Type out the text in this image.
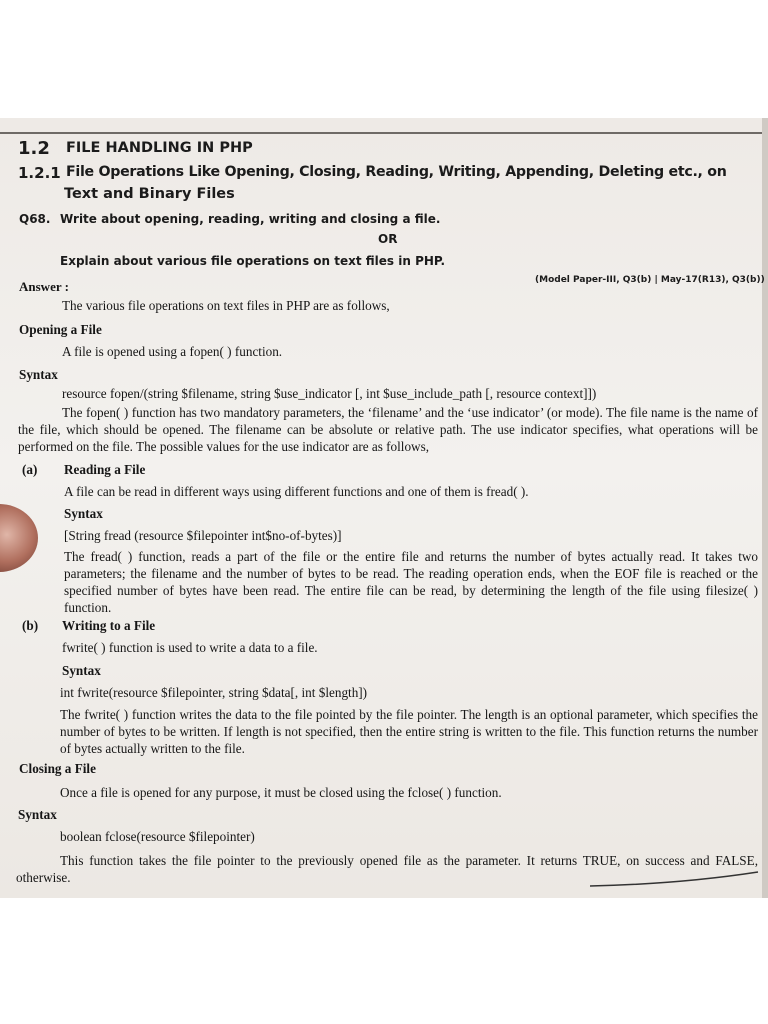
1.2 FILE HANDLING IN PHP

1.2.1 File Operations Like Opening, Closing, Reading, Writing, Appending, Deleting etc., on

Text and Binary Files

Q68. Write about opening, reading, writing and closing a file.

OR

Explain about various file operations on text files in PHP.

Answer :	(Model Paper-III, Q3(b) | May-17(R13), Q3(b))

The various file operations on text files in PHP are as follows,

Opening a File

A file is opened using a fopen( ) function.

Syntax

resource fopen/(string $filename, string $use_indicator [, int $use_include_path [, resource context]])

The fopen( ) function has two mandatory parameters, the ‘filename’ and the ‘use indicator’ (or mode). The file name is the name of the file, which should be opened. The filename can be absolute or relative path. The use indicator specifies, what operations will be performed on the file. The possible values for the use indicator are as follows,

(a) Reading a File

A file can be read in different ways using different functions and one of them is fread( ).

Syntax

[String fread (resource $filepointer int$no-of-bytes)]

The fread( ) function, reads a part of the file or the entire file and returns the number of bytes actually read. It takes two parameters; the filename and the number of bytes to be read. The reading operation ends, when the EOF file is reached or the specified number of bytes have been read. The entire file can be read, by determining the length of the file using filesize( ) function.

(b) Writing to a File

fwrite( ) function is used to write a data to a file.

Syntax

int fwrite(resource $filepointer, string $data[, int $length])

The fwrite( ) function writes the data to the file pointed by the file pointer. The length is an optional parameter, which specifies the number of bytes to be written. If length is not specified, then the entire string is written to the file. This function returns the number of bytes actually written to the file.

Closing a File

Once a file is opened for any purpose, it must be closed using the fclose( ) function.

Syntax

boolean fclose(resource $filepointer)

This function takes the file pointer to the previously opened file as the parameter. It returns TRUE, on success and FALSE, otherwise.
